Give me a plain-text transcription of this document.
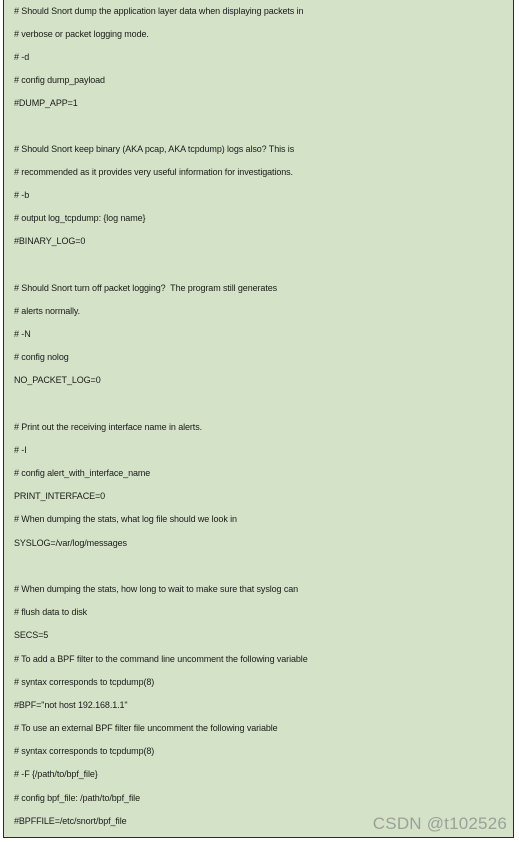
# Should Snort dump the application layer data when displaying packets in
# verbose or packet logging mode.
# -d
# config dump_payload
#DUMP_APP=1
# Should Snort keep binary (AKA pcap, AKA tcpdump) logs also? This is
# recommended as it provides very useful information for investigations.
# -b
# output log_tcpdump: {log name}
#BINARY_LOG=0
# Should Snort turn off packet logging?  The program still generates
# alerts normally.
# -N
# config nolog
NO_PACKET_LOG=0
# Print out the receiving interface name in alerts.
# -I
# config alert_with_interface_name
PRINT_INTERFACE=0
# When dumping the stats, what log file should we look in
SYSLOG=/var/log/messages
# When dumping the stats, how long to wait to make sure that syslog can
# flush data to disk
SECS=5
# To add a BPF filter to the command line uncomment the following variable
# syntax corresponds to tcpdump(8)
#BPF="not host 192.168.1.1"
# To use an external BPF filter file uncomment the following variable
# syntax corresponds to tcpdump(8)
# -F {/path/to/bpf_file}
# config bpf_file: /path/to/bpf_file
#BPFFILE=/etc/snort/bpf_file	CSDN @t102526
